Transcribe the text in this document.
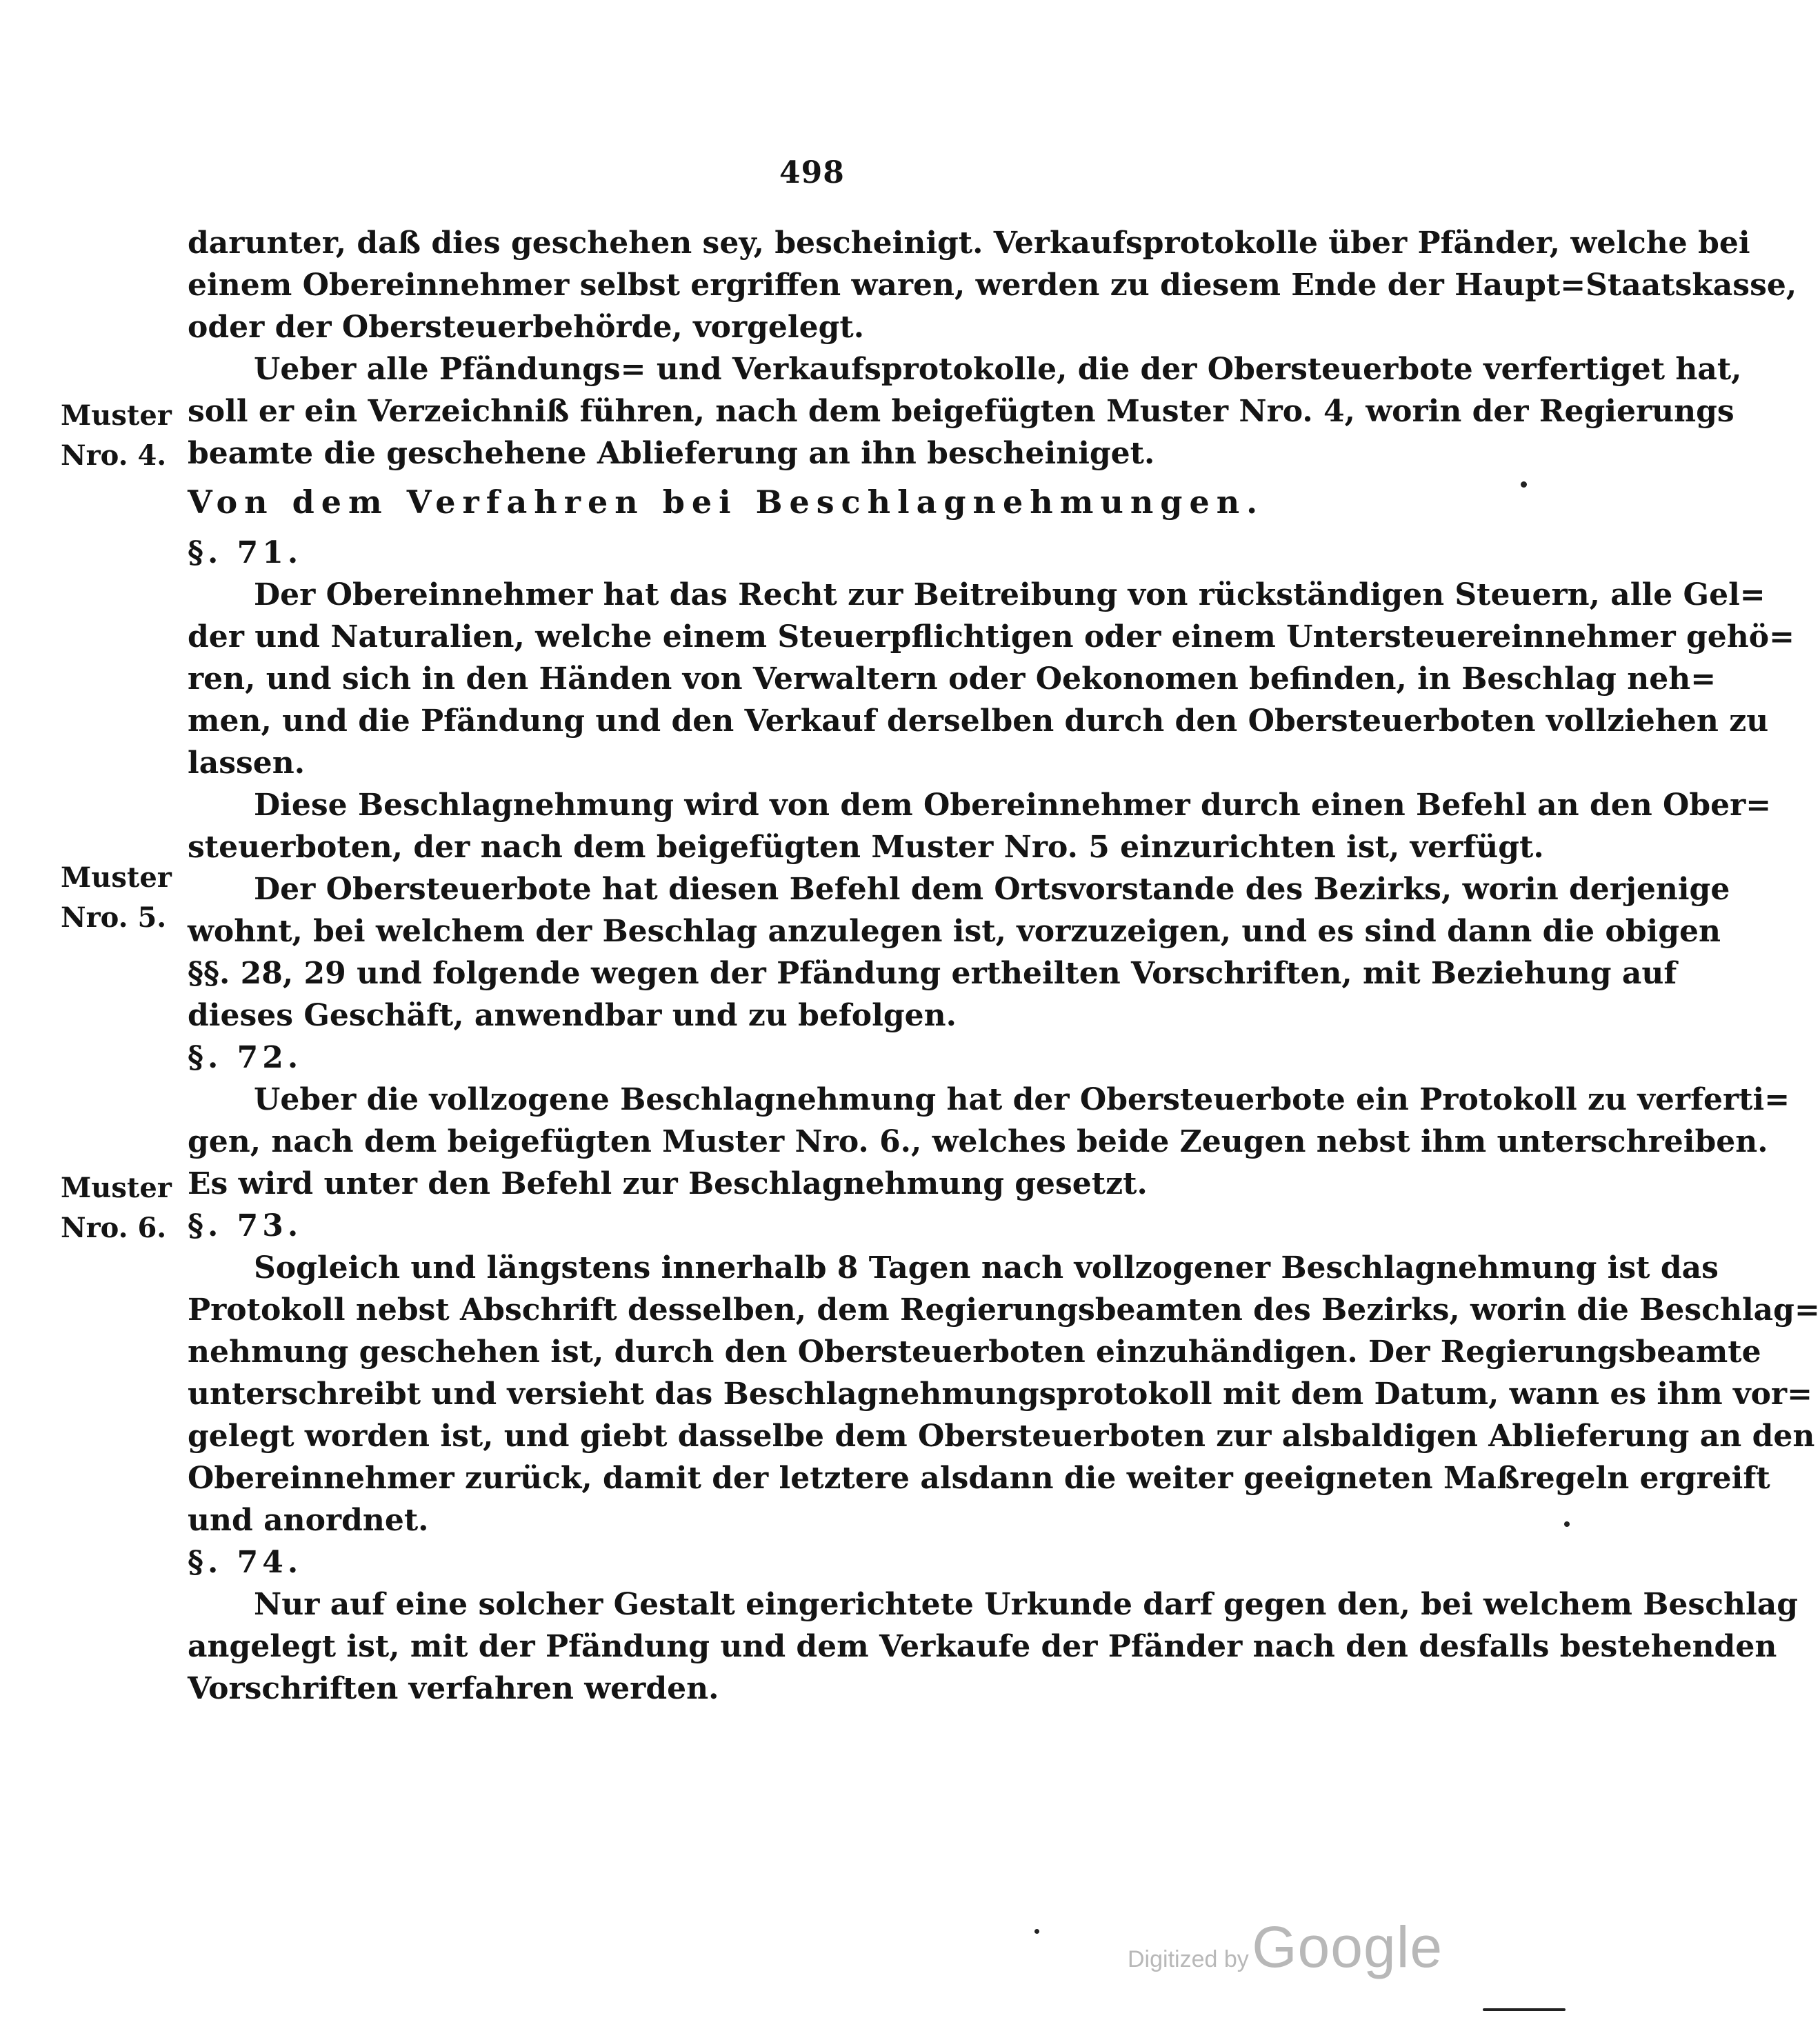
498
Muster
Nro. 4.
Muster
Nro. 5.
Muster
Nro. 6.

darunter, daß dies geschehen sey, bescheinigt. Verkaufsprotokolle über Pfänder, welche bei
einem Obereinnehmer selbst ergriffen waren, werden zu diesem Ende der Haupt=Staatskasse,
oder der Obersteuerbehörde, vorgelegt.

Ueber alle Pfändungs= und Verkaufsprotokolle, die der Obersteuerbote verfertiget hat,
soll er ein Verzeichniß führen, nach dem beigefügten Muster Nro. 4, worin der Regierungs
beamte die geschehene Ablieferung an ihn bescheiniget.

Von dem Verfahren bei Beschlagnehmungen.

§. 71.

Der Obereinnehmer hat das Recht zur Beitreibung von rückständigen Steuern, alle Gel=
der und Naturalien, welche einem Steuerpflichtigen oder einem Untersteuereinnehmer gehö=
ren, und sich in den Händen von Verwaltern oder Oekonomen befinden, in Beschlag neh=
men, und die Pfändung und den Verkauf derselben durch den Obersteuerboten vollziehen zu
lassen.

Diese Beschlagnehmung wird von dem Obereinnehmer durch einen Befehl an den Ober=
steuerboten, der nach dem beigefügten Muster Nro. 5 einzurichten ist, verfügt.

Der Obersteuerbote hat diesen Befehl dem Ortsvorstande des Bezirks, worin derjenige
wohnt, bei welchem der Beschlag anzulegen ist, vorzuzeigen, und es sind dann die obigen
§§. 28, 29 und folgende wegen der Pfändung ertheilten Vorschriften, mit Beziehung auf
dieses Geschäft, anwendbar und zu befolgen.

§. 72.

Ueber die vollzogene Beschlagnehmung hat der Obersteuerbote ein Protokoll zu verferti=
gen, nach dem beigefügten Muster Nro. 6., welches beide Zeugen nebst ihm unterschreiben.
Es wird unter den Befehl zur Beschlagnehmung gesetzt.

§. 73.

Sogleich und längstens innerhalb 8 Tagen nach vollzogener Beschlagnehmung ist das
Protokoll nebst Abschrift desselben, dem Regierungsbeamten des Bezirks, worin die Beschlag=
nehmung geschehen ist, durch den Obersteuerboten einzuhändigen. Der Regierungsbeamte
unterschreibt und versieht das Beschlagnehmungsprotokoll mit dem Datum, wann es ihm vor=
gelegt worden ist, und giebt dasselbe dem Obersteuerboten zur alsbaldigen Ablieferung an den
Obereinnehmer zurück, damit der letztere alsdann die weiter geeigneten Maßregeln ergreift
und anordnet.

§. 74.

Nur auf eine solcher Gestalt eingerichtete Urkunde darf gegen den, bei welchem Beschlag
angelegt ist, mit der Pfändung und dem Verkaufe der Pfänder nach den desfalls bestehenden
Vorschriften verfahren werden.

Digitized by Google
